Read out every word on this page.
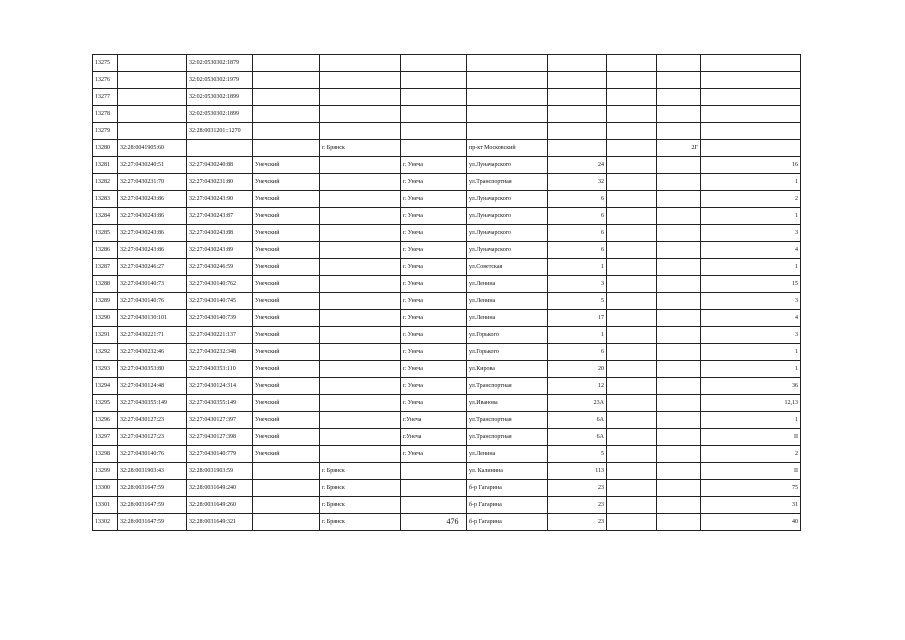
13275		32:02:0530302:1879								
13276		32:02:0530302:1979								
13277		32:02:0530302:1899								
13278		32:02:0530302:1899								
13279		32:28:0031201::1270								
13280	32:28:0041905:60			г. Брянск		пр-кт Московский			2Г	
13281	32:27:0430240:51	32:27:0430240:88	Унечский		г. Унеча	ул.Луначарского	24			16
13282	32:27:0430231:70	32:27:0430231:80	Унечский		г. Унеча	ул.Транспортная	32			1
13283	32:27:0430243:86	32:27:0430243:90	Унечский		г. Унеча	ул.Луначарского	6			2
13284	32:27:0430243:86	32:27:0430243:87	Унечский		г. Унеча	ул.Луначарского	6			1
13285	32:27:0430243:86	32:27:0430243:88	Унечский		г. Унеча	ул.Луначарского	6			3
13286	32:27:0430243:86	32:27:0430243:89	Унечский		г. Унеча	ул.Луначарского	6			4
13287	32:27:0430246:27	32:27:0430246:59	Унечский		г. Унеча	ул.Советская	1			1
13288	32:27:0430140:73	32:27:0430140:762	Унечский		г. Унеча	ул.Ленина	3			15
13289	32:27:0430140:76	32:27:0430140:745	Унечский		г. Унеча	ул.Ленина	5			3
13290	32:27:0430130:101	32:27:0430140:739	Унечский		г. Унеча	ул.Ленина	17			4
13291	32:27:0430221:71	32:27:0430221:137	Унечский		г. Унеча	ул.Горького	1			3
13292	32:27:0430232:46	32:27:0430232:348	Унечский		г. Унеча	ул.Горького	6			1
13293	32:27:0430353:80	32:27:0430353:110	Унечский		г. Унеча	ул.Кирова	20			1
13294	32:27:0430124:48	32:27:0430124:314	Унечский		г. Унеча	ул.Транспортная	12			36
13295	32:27:0430355:149	32:27:0430355:149	Унечский		г. Унеча	ул.Иванова	23А			12,13
13296	32:27:0430127:23	32:27:0430127:397	Унечский		г.Унеча	ул.Транспортная	6А			1
13297	32:27:0430127:23	32:27:0430127:398	Унечский		г.Унеча	ул.Транспортная	6А			II
13298	32:27:0430140:76	32:27:0430140:779	Унечский		г. Унеча	ул.Ленина	5			2
13299	32:28:0031903:43	32:28:0031903:59		г. Брянск		ул. Калинина	113			II
13300	32:28:0031647:59	32:28:0031649:240		г. Брянск		б-р Гагарина	23			75
13301	32:28:0031647:59	32:28:0031649:260		г. Брянск		б-р Гагарина	23			31
13302	32:28:0031647:59	32:28:0031649:321		г. Брянск		б-р Гагарина	23			40
476
